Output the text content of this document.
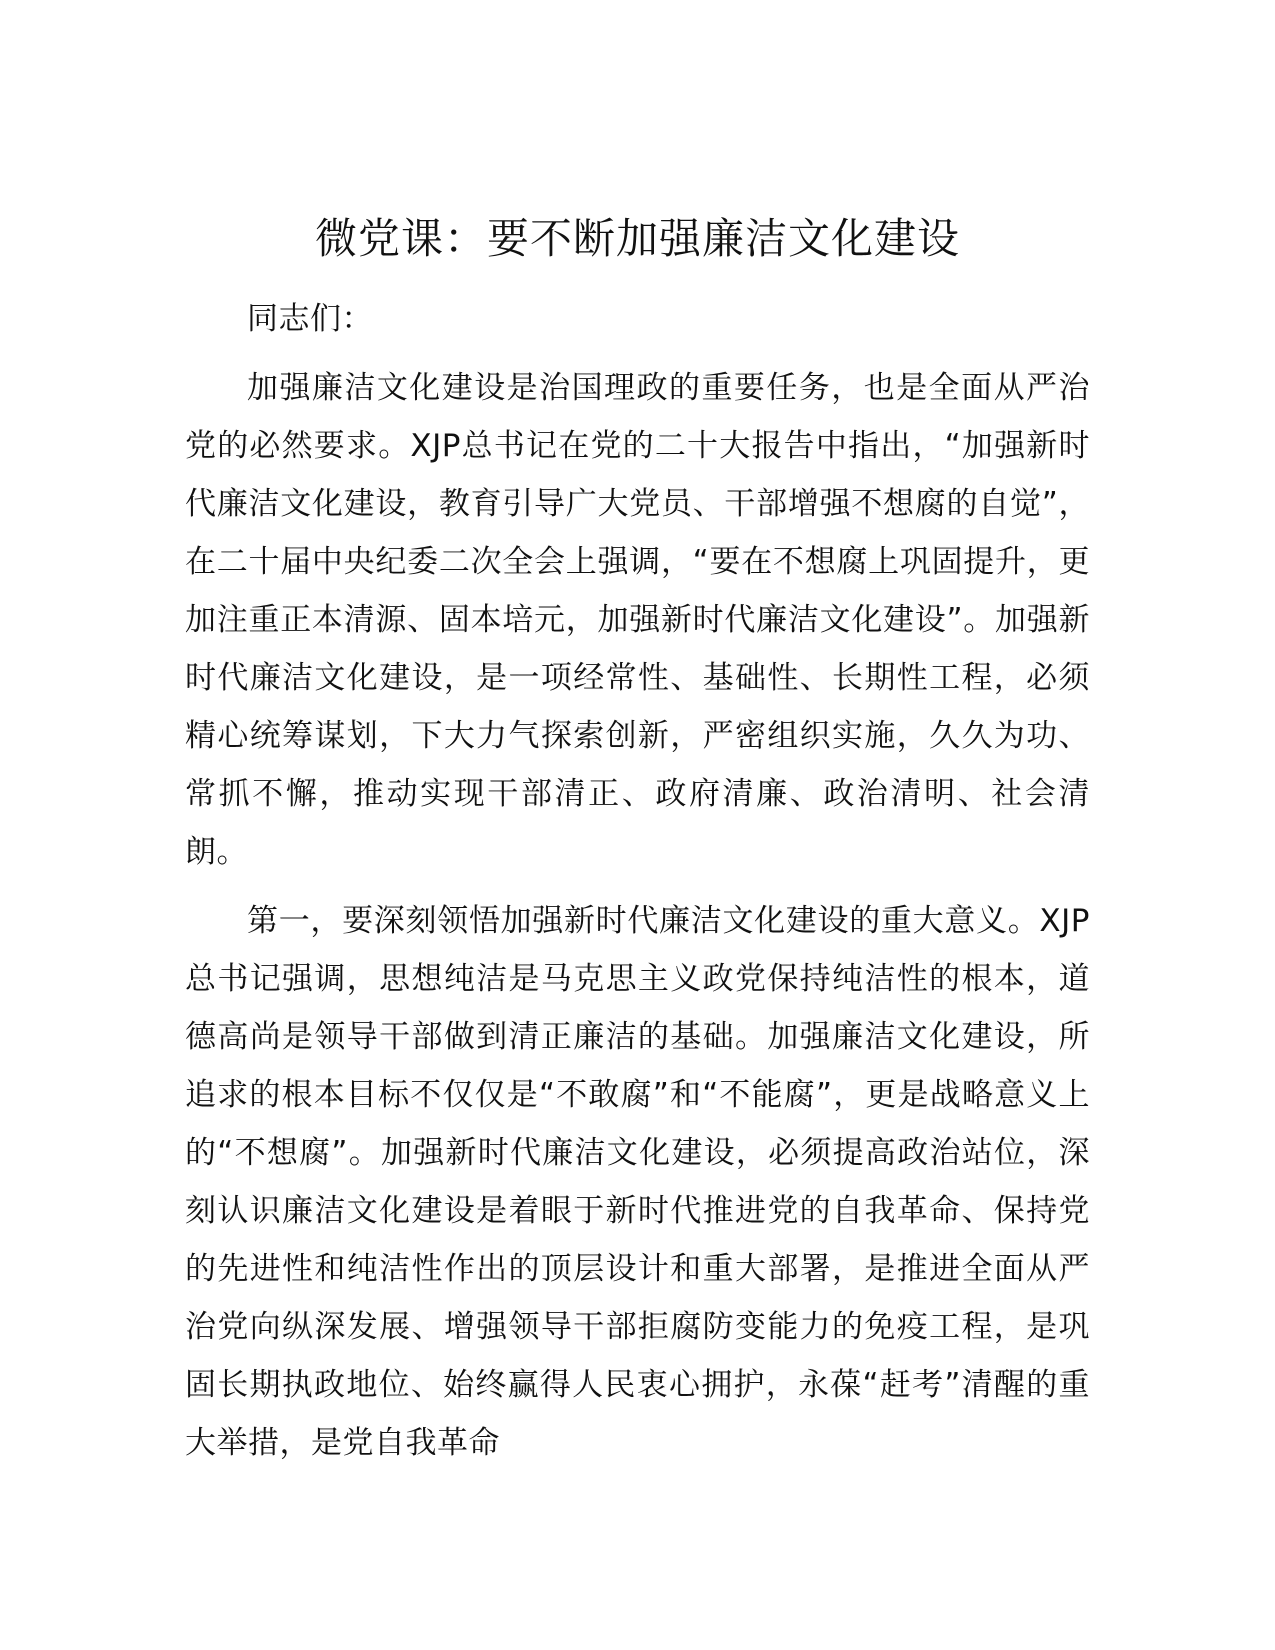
微党课：要不断加强廉洁文化建设

同志们：

加强廉洁文化建设是治国理政的重要任务，也是全面从严治党的必然要求。XJP总书记在党的二十大报告中指出，“加强新时代廉洁文化建设，教育引导广大党员、干部增强不想腐的自觉”，在二十届中央纪委二次全会上强调，“要在不想腐上巩固提升，更加注重正本清源、固本培元，加强新时代廉洁文化建设”。加强新时代廉洁文化建设，是一项经常性、基础性、长期性工程，必须精心统筹谋划，下大力气探索创新，严密组织实施，久久为功、常抓不懈，推动实现干部清正、政府清廉、政治清明、社会清朗。

第一，要深刻领悟加强新时代廉洁文化建设的重大意义。XJP总书记强调，思想纯洁是马克思主义政党保持纯洁性的根本，道德高尚是领导干部做到清正廉洁的基础。加强廉洁文化建设，所追求的根本目标不仅仅是“不敢腐”和“不能腐”，更是战略意义上的“不想腐”。加强新时代廉洁文化建设，必须提高政治站位，深刻认识廉洁文化建设是着眼于新时代推进党的自我革命、保持党的先进性和纯洁性作出的顶层设计和重大部署，是推进全面从严治党向纵深发展、增强领导干部拒腐防变能力的免疫工程，是巩固长期执政地位、始终赢得人民衷心拥护，永葆“赶考”清醒的重大举措，是党自我革命
